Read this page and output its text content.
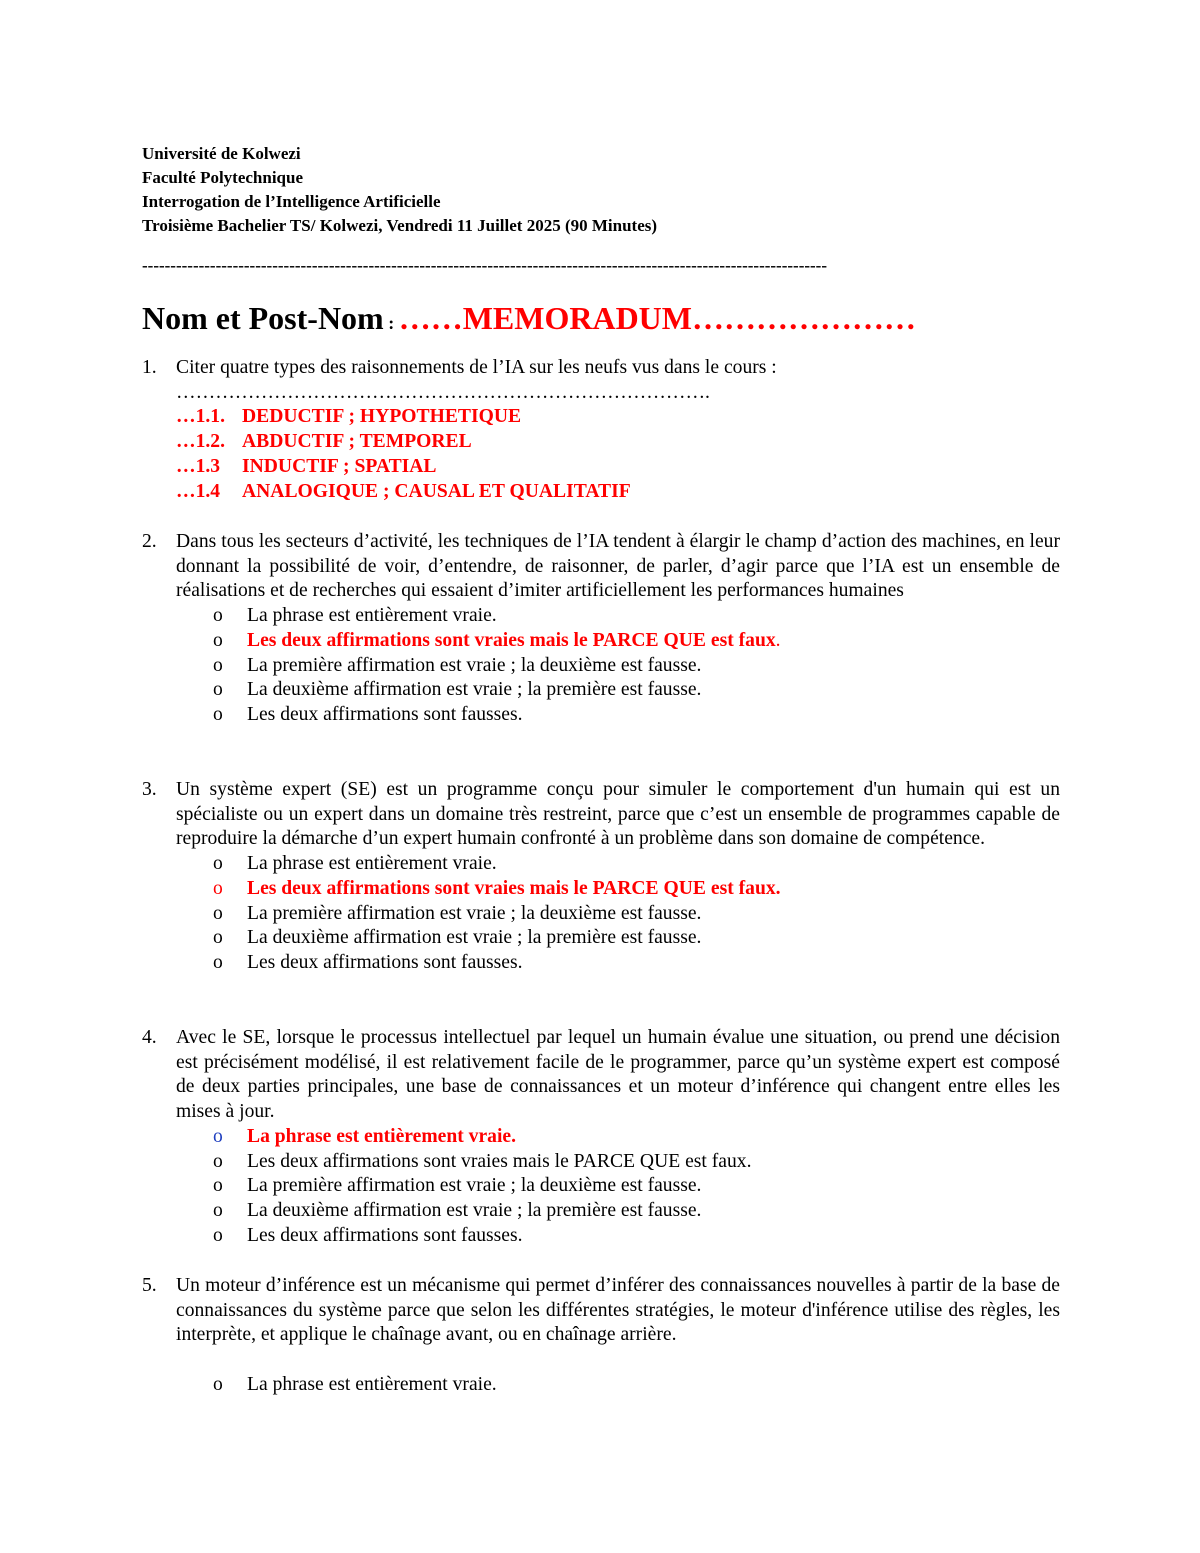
Université de Kolwezi
Faculté Polytechnique
Interrogation de l’Intelligence Artificielle
Troisième Bachelier TS/ Kolwezi, Vendredi 11 Juillet 2025 (90 Minutes)
-------------------------------------------------------------------------------------------------------------------------
Nom et Post-Nom : ……MEMORADUM…………………
1. Citer quatre types des raisonnements de l’IA sur les neufs vus dans le cours :
……………………………………………………………………….
…1.1. DEDUCTIF ; HYPOTHETIQUE
…1.2. ABDUCTIF ; TEMPOREL
…1.3 INDUCTIF ; SPATIAL
…1.4 ANALOGIQUE ; CAUSAL ET QUALITATIF
2. Dans tous les secteurs d’activité, les techniques de l’IA tendent à élargir le champ d’action des machines, en leur donnant la possibilité de voir, d’entendre, de raisonner, de parler, d’agir parce que l’IA est un ensemble de réalisations et de recherches qui essaient d’imiter artificiellement les performances humaines
o La phrase est entièrement vraie.
o Les deux affirmations sont vraies mais le PARCE QUE est faux.
o La première affirmation est vraie ; la deuxième est fausse.
o La deuxième affirmation est vraie ; la première est fausse.
o Les deux affirmations sont fausses.
3. Un système expert (SE) est un programme conçu pour simuler le comportement d'un humain qui est un spécialiste ou un expert dans un domaine très restreint, parce que c’est un ensemble de programmes capable de reproduire la démarche d’un expert humain confronté à un problème dans son domaine de compétence.
o La phrase est entièrement vraie.
o Les deux affirmations sont vraies mais le PARCE QUE est faux.
o La première affirmation est vraie ; la deuxième est fausse.
o La deuxième affirmation est vraie ; la première est fausse.
o Les deux affirmations sont fausses.
4. Avec le SE, lorsque le processus intellectuel par lequel un humain évalue une situation, ou prend une décision est précisément modélisé, il est relativement facile de le programmer, parce qu’un système expert est composé de deux parties principales, une base de connaissances et un moteur d’inférence qui changent entre elles les mises à jour.
o La phrase est entièrement vraie.
o Les deux affirmations sont vraies mais le PARCE QUE est faux.
o La première affirmation est vraie ; la deuxième est fausse.
o La deuxième affirmation est vraie ; la première est fausse.
o Les deux affirmations sont fausses.
5. Un moteur d’inférence est un mécanisme qui permet d’inférer des connaissances nouvelles à partir de la base de connaissances du système parce que selon les différentes stratégies, le moteur d'inférence utilise des règles, les interprète, et applique le chaînage avant, ou en chaînage arrière.
o La phrase est entièrement vraie.
